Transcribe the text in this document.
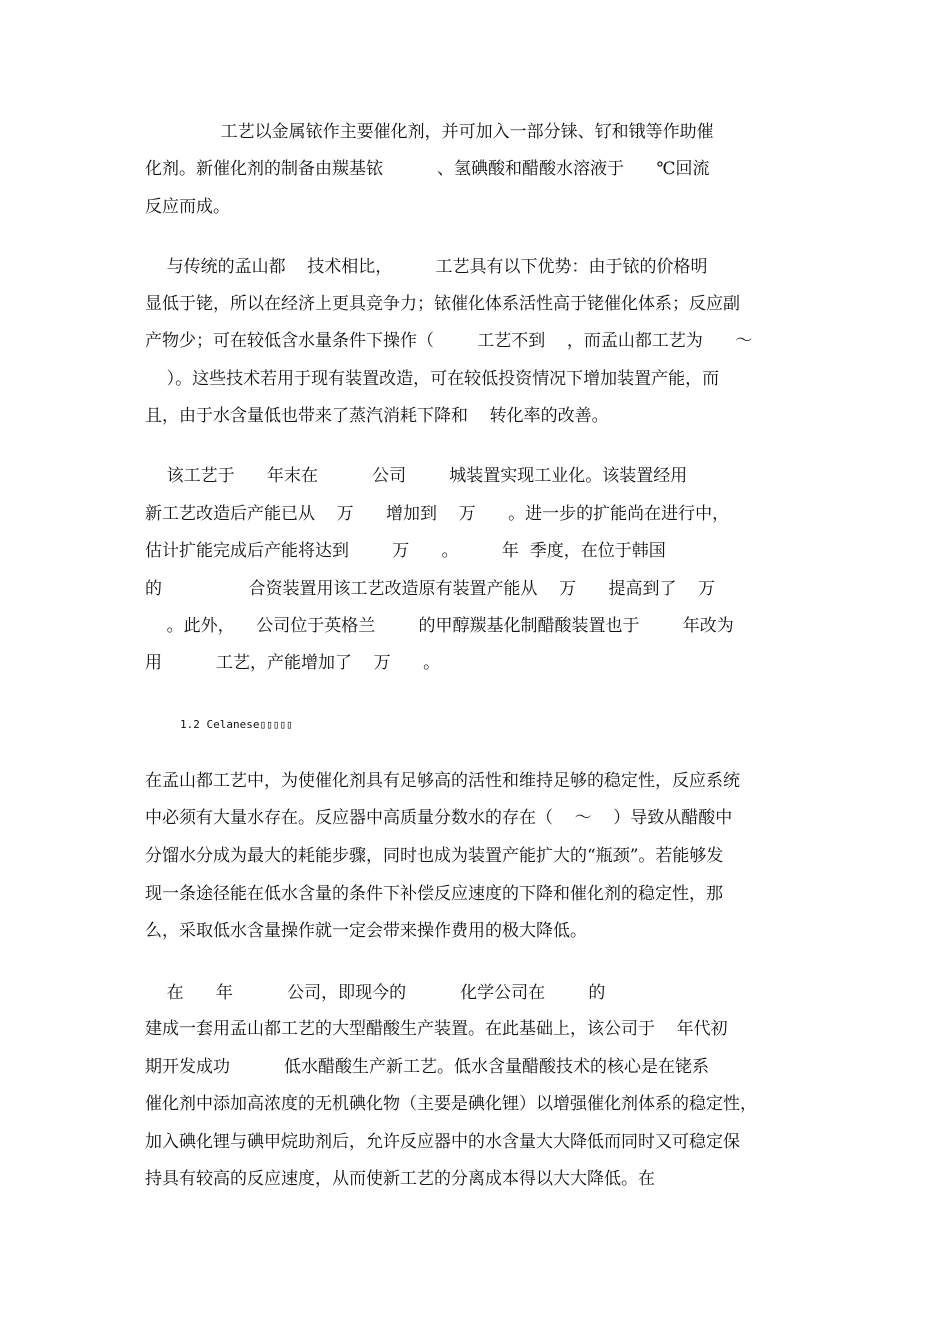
工艺以金属铱作主要催化剂，并可加入一部分铼、钌和锇等作助催
化剂。新催化剂的制备由羰基铱          、氢碘酸和醋酸水溶液于      ℃回流
反应而成。
与传统的孟山都    技术相比，        工艺具有以下优势：由于铱的价格明
显低于铑，所以在经济上更具竞争力；铱催化体系活性高于铑催化体系；反应副
产物少；可在较低含水量条件下操作（        工艺不到    ，而孟山都工艺为      ～
）。这些技术若用于现有装置改造，可在较低投资情况下增加装置产能，而
且，由于水含量低也带来了蒸汽消耗下降和    转化率的改善。
该工艺于      年末在          公司        城装置实现工业化。该装置经用
新工艺改造后产能已从    万      增加到    万      。进一步的扩能尚在进行中，
估计扩能完成后产能将达到        万      。        年  季度，在位于韩国
的                合资装置用该工艺改造原有装置产能从    万      提高到了    万
。此外，    公司位于英格兰        的甲醇羰基化制醋酸装置也于        年改为
用          工艺，产能增加了    万      。
1.2 Celanese▯▯▯▯▯
在孟山都工艺中，为使催化剂具有足够高的活性和维持足够的稳定性，反应系统
中必须有大量水存在。反应器中高质量分数水的存在（    ～    ）导致从醋酸中
分馏水分成为最大的耗能步骤，同时也成为装置产能扩大的“瓶颈”。若能够发
现一条途径能在低水含量的条件下补偿反应速度的下降和催化剂的稳定性，那
么，采取低水含量操作就一定会带来操作费用的极大降低。
在      年          公司，即现今的          化学公司在        的
建成一套用孟山都工艺的大型醋酸生产装置。在此基础上，该公司于    年代初
期开发成功          低水醋酸生产新工艺。低水含量醋酸技术的核心是在铑系
催化剂中添加高浓度的无机碘化物（主要是碘化锂）以增强催化剂体系的稳定性，
加入碘化锂与碘甲烷助剂后，允许反应器中的水含量大大降低而同时又可稳定保
持具有较高的反应速度，从而使新工艺的分离成本得以大大降低。在
